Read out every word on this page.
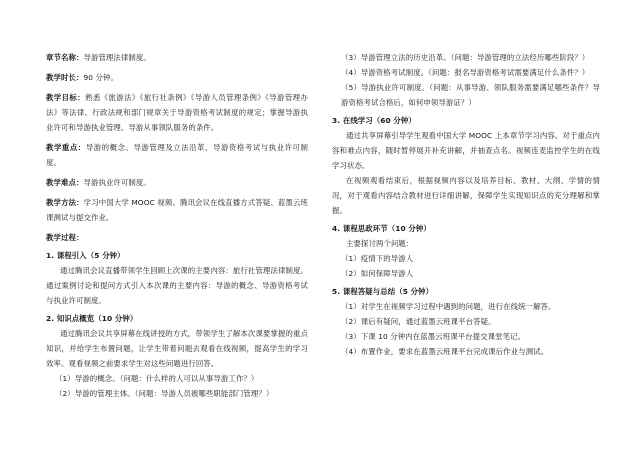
章节名称：导游管理法律制度。

教学时长：90 分钟。

教学目标：熟悉《旅游法》《旅行社条例》《导游人员管理条例》《导游管理办法》等法律、行政法规和部门规章关于导游资格考试制度的规定；掌握导游执业许可和导游执业管理、导游从事领队服务的条件。

教学重点：导游的概念、导游管理及立法沿革、导游资格考试与执业许可制度。

教学难点：导游执业许可制度。

教学方法：学习中国大学 MOOC 视频、腾讯会议在线直播方式答疑、蓝墨云班课测试与提交作业。

教学过程：

1. 课程引入（5 分钟）

通过腾讯会议直播带领学生回顾上次课的主要内容：旅行社管理法律制度。通过案例讨论和提问方式引入本次课的主要内容：导游的概念、导游资格考试与执业许可制度。

2. 知识点概览（10 分钟）

通过腾讯会议共享屏幕在线讲授的方式，带领学生了解本次课要掌握的重点知识，并给学生布置问题，让学生带着问题去观看在线视频，提高学生的学习效率。观看视频之前要求学生对这些问题进行回答。

（1）导游的概念。（问题：什么样的人可以从事导游工作？）

（2）导游的管理主体。（问题：导游人员被哪些职能部门管理？）

（3）导游管理立法的历史沿革。（问题：导游管理的立法经历哪些阶段？）

（4）导游资格考试制度。（问题：报名导游资格考试需要满足什么条件？）

（5）导游执业许可制度。（问题：从事导游、领队服务需要满足哪些条件？导游资格考试合格后，如何申领导游证？）

3. 在线学习（60 分钟）

通过共享屏幕引导学生观看中国大学 MOOC 上本章节学习内容。对于重点内容和难点内容，随时暂停展开补充讲解，并抽查点名。视频连麦监控学生的在线学习状态。

在视频观看结束后，根据视频内容以及培养目标、教材、大纲、学情的情况，对于观看内容结合教材进行详细讲解，保障学生实现知识点的充分理解和掌握。

4. 课程思政环节（10 分钟）

主要探讨两个问题：

（1）疫情下的导游人

（2）如何保障导游人

5. 课程答疑与总结（5 分钟）

（1）对学生在视频学习过程中遇到的问题，进行在线统一解答。

（2）课后有疑问，通过蓝墨云班课平台答疑。

（3）下课 10 分钟内在蓝墨云班课平台提交课堂笔记。

（4）布置作业，要求在蓝墨云班课平台完成课后作业与测试。
